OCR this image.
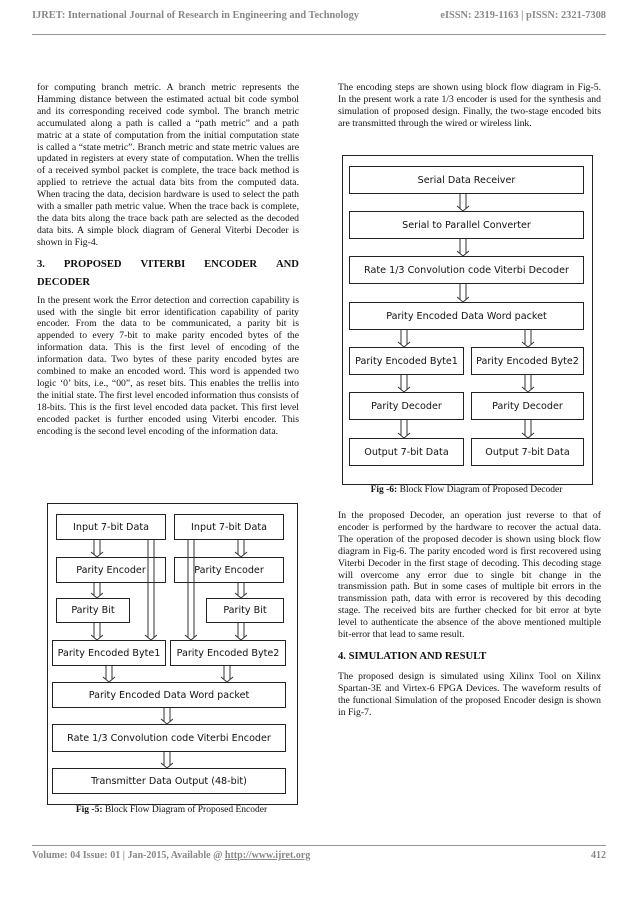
IJRET: International Journal of Research in Engineering and Technology	eISSN: 2319-1163 | pISSN: 2321-7308

for computing branch metric. A branch metric represents the Hamming distance between the estimated actual bit code symbol and its corresponding received code symbol. The branch metric accumulated along a path is called a “path metric” and a path matric at a state of computation from the initial computation state is called a “state metric”. Branch metric and state metric values are updated in registers at every state of computation. When the trellis of a received symbol packet is complete, the trace back method is applied to retrieve the actual data bits from the computed data. When tracing the data, decision hardware is used to select the path with a smaller path metric value. When the trace back is complete, the data bits along the trace back path are selected as the decoded data bits. A simple block diagram of General Viterbi Decoder is shown in Fig-4.

3. PROPOSED VITERBI ENCODER AND
DECODER

In the present work the Error detection and correction capability is used with the single bit error identification capability of parity encoder. From the data to be communicated, a parity bit is appended to every 7-bit to make parity encoded bytes of the information data. This is the first level of encoding of the information data. Two bytes of these parity encoded bytes are combined to make an encoded word. This word is appended two logic ‘0’ bits, i.e., “00”, as reset bits. This enables the trellis into the initial state. The first level encoded information thus consists of 18-bits. This is the first level encoded data packet. This first level encoded packet is further encoded using Viterbi encoder. This encoding is the second level encoding of the information data.

Input 7-bit Data	Input 7-bit Data
Parity Encoder	Parity Encoder
Parity Bit	Parity Bit
Parity Encoded Byte1	Parity Encoded Byte2
Parity Encoded Data Word packet
Rate 1/3 Convolution code Viterbi Encoder
Transmitter Data Output (48-bit)
Fig -5: Block Flow Diagram of Proposed Encoder

The encoding steps are shown using block flow diagram in Fig-5. In the present work a rate 1/3 encoder is used for the synthesis and simulation of proposed design. Finally, the two-stage encoded bits are transmitted through the wired or wireless link.

Serial Data Receiver
Serial to Parallel Converter
Rate 1/3 Convolution code Viterbi Decoder
Parity Encoded Data Word packet
Parity Encoded Byte1	Parity Encoded Byte2
Parity Decoder	Parity Decoder
Output 7-bit Data	Output 7-bit Data
Fig -6: Block Flow Diagram of Proposed Decoder

In the proposed Decoder, an operation just reverse to that of encoder is performed by the hardware to recover the actual data. The operation of the proposed decoder is shown using block flow diagram in Fig-6. The parity encoded word is first recovered using Viterbi Decoder in the first stage of decoding. This decoding stage will overcome any error due to single bit change in the transmission path. But in some cases of multiple bit errors in the transmission path, data with error is recovered by this decoding stage. The received bits are further checked for bit error at byte level to authenticate the absence of the above mentioned multiple bit-error that lead to same result.

4. SIMULATION AND RESULT

The proposed design is simulated using Xilinx Tool on Xilinx Spartan-3E and Virtex-6 FPGA Devices. The waveform results of the functional Simulation of the proposed Encoder design is shown in Fig-7.

Volume: 04 Issue: 01 | Jan-2015, Available @ http://www.ijret.org	412
